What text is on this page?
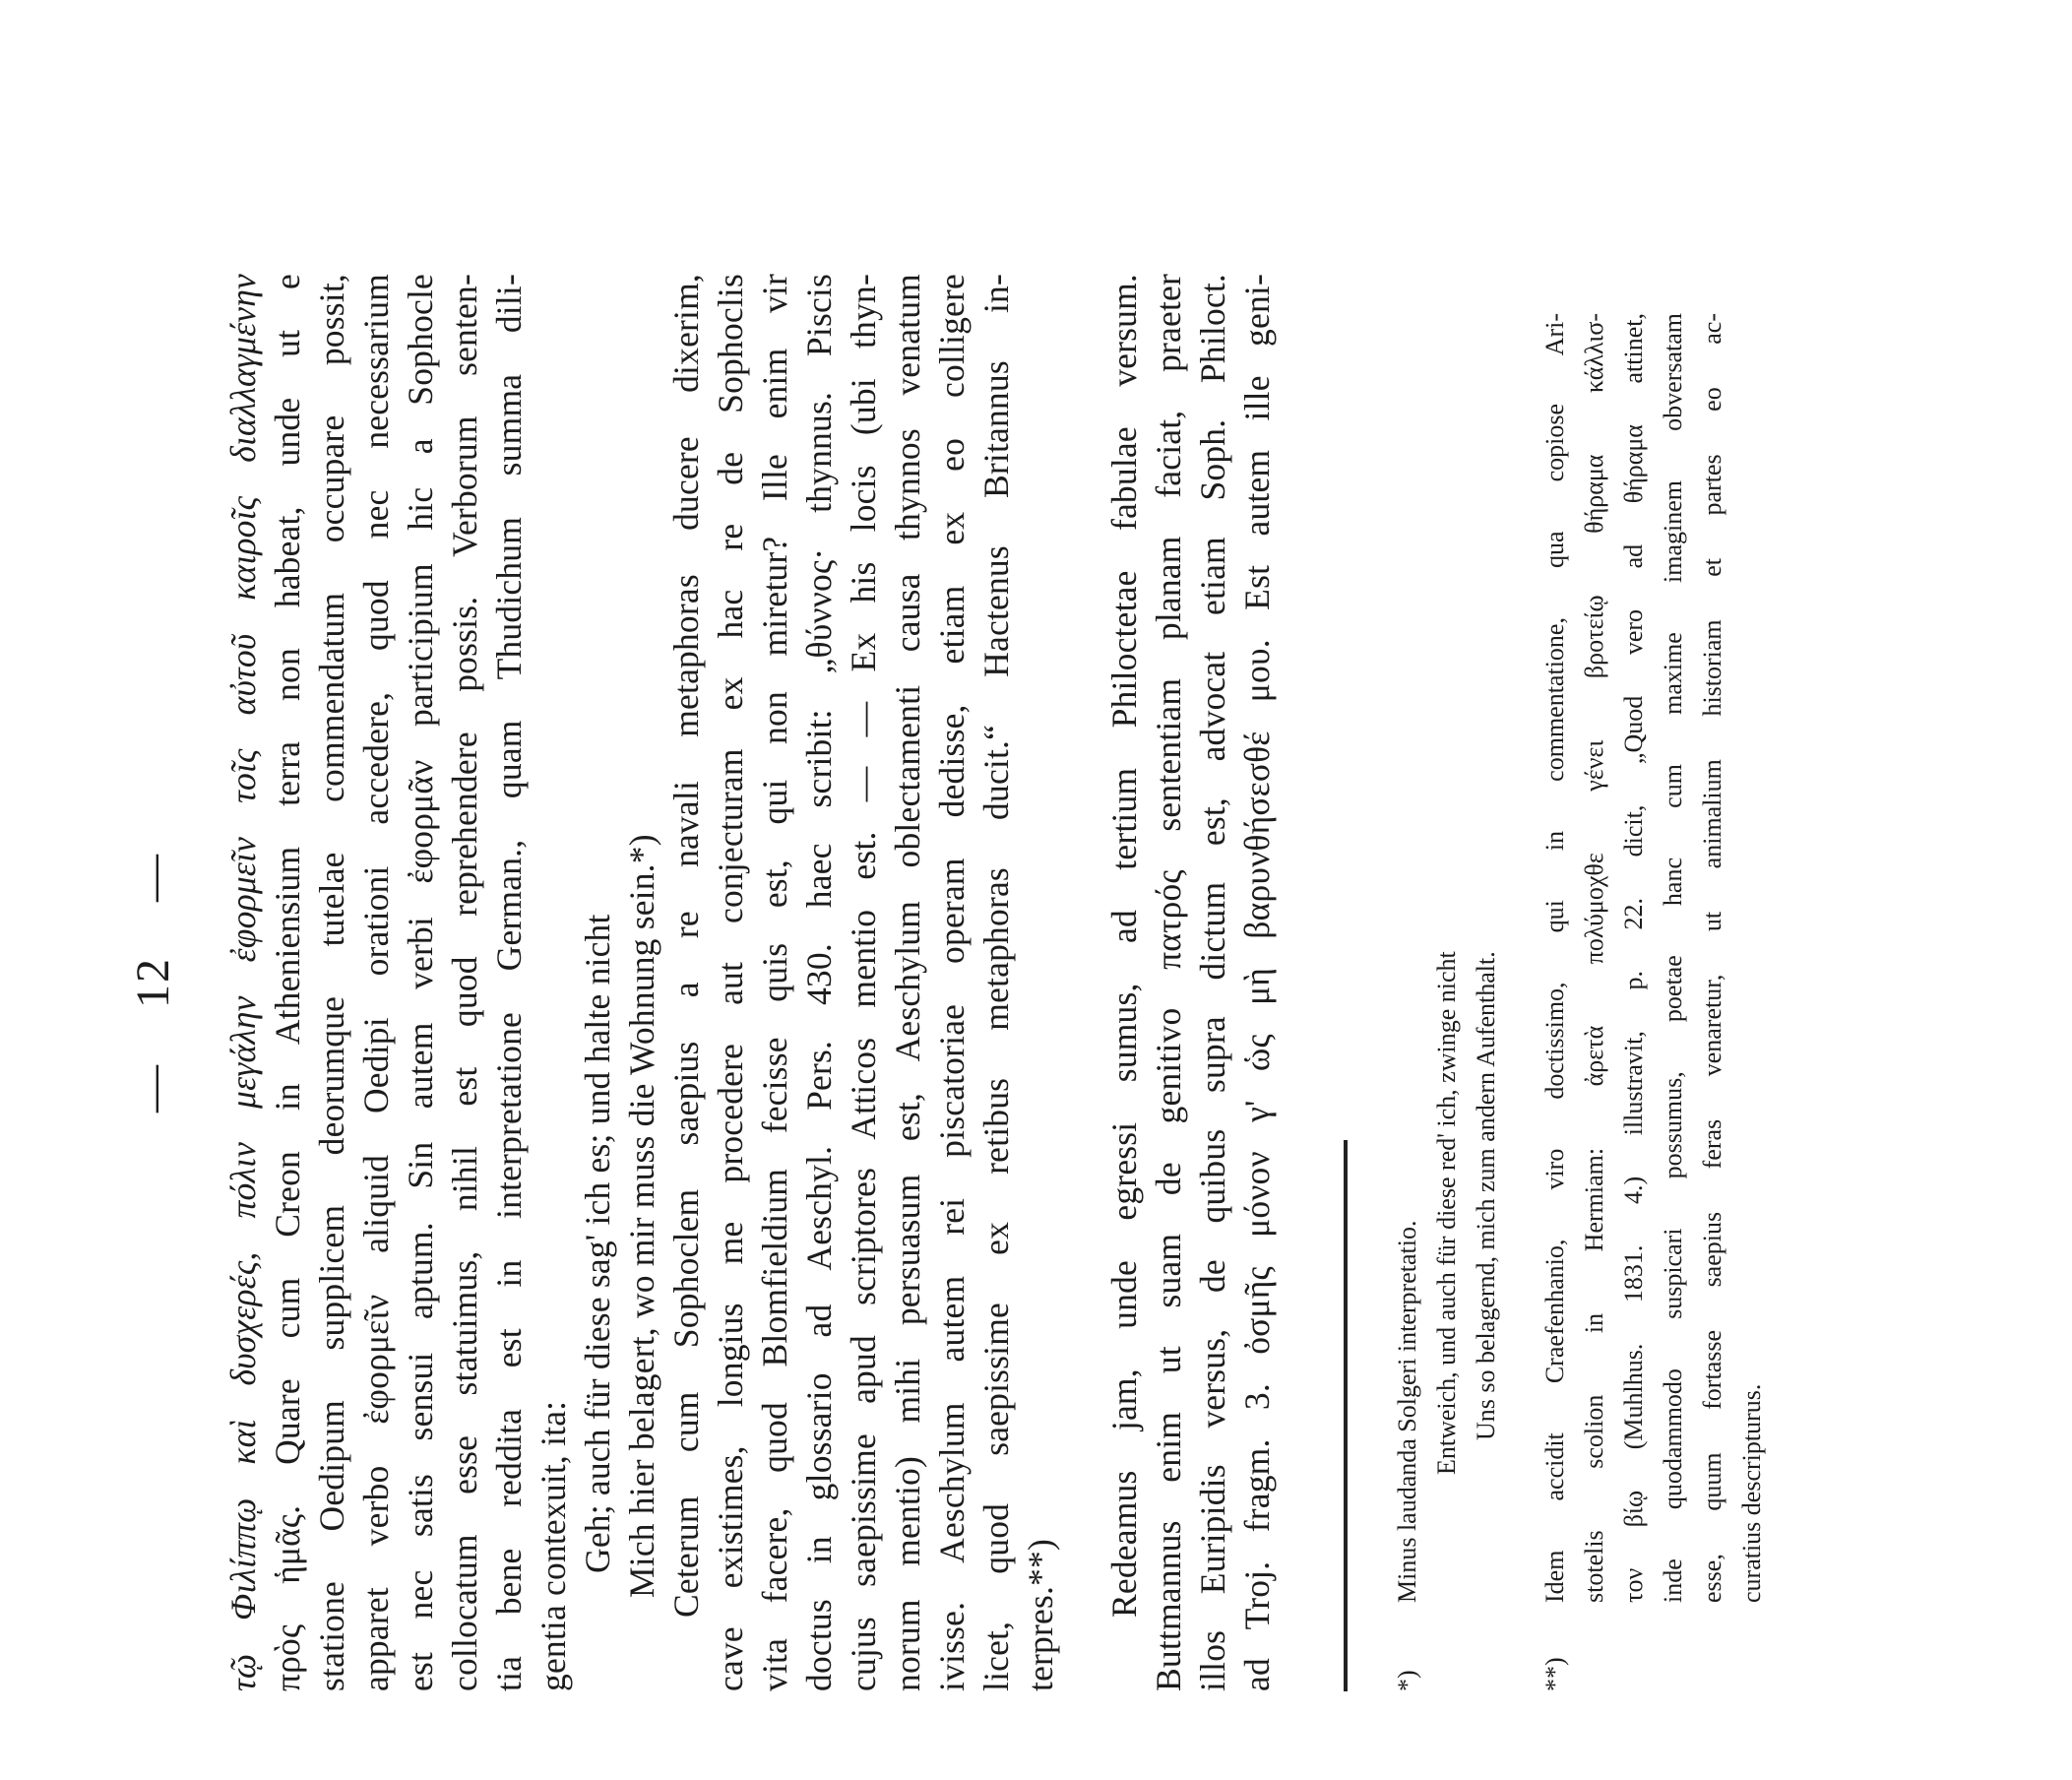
—
12
— τῷ Φιλίππῳ καὶ δυσχερές, πόλιν μεγάλην ἐφορμεῖν τοῖς αὐτοῦ καιροῖς διαλλαγμένην πρὸς ἡμᾶς. Quare cum Creon in Atheniensium terra non habeat, unde ut e statione Oedipum supplicem deorumque tutelae commendatum occupare possit, apparet verbo ἐφορμεῖν aliquid Oedipi orationi accedere, quod nec necessarium est nec satis sensui aptum. Sin autem verbi ἐφορμᾶν participium hic a Sophocle collocatum esse statuimus, nihil est quod reprehendere possis. Verborum senten- tia bene reddita est in interpretatione German., quam Thudichum summa dili- gentia contexuit, ita: Geh; auch für diese sag' ich es; und halte nicht Mich hier belagert, wo mir muss die Wohnung sein.*) Ceterum cum Sophoclem saepius a re navali metaphoras ducere dixerim, cave existimes, longius me procedere aut conjecturam ex hac re de Sophoclis vita facere, quod Blomfieldium fecisse quis est, qui non miretur? Ille enim vir doctus in glossario ad Aeschyl. Pers. 430. haec scribit: „θύννος· thynnus. Piscis cujus saepissime apud scriptores Atticos mentio est. — — Ex his locis (ubi thyn- norum mentio) mihi persuasum est, Aeschylum oblectamenti causa thynnos venatum ivisse. Aeschylum autem rei piscatoriae operam dedisse, etiam ex eo colligere licet, quod saepissime ex retibus metaphoras ducit.“ Hactenus Britannus in- terpres.**) Redeamus jam, unde egressi sumus, ad tertium Philoctetae fabulae versum. Buttmannus enim ut suam de genitivo πατρός sententiam planam faciat, praeter illos Euripidis versus, de quibus supra dictum est, advocat etiam Soph. Philoct. ad Troj. fragm. 3. ὀσμῆς μόνον γ' ὡς μὴ βαρυνθήσεσθέ μου. Est autem ille geni-	*)Minus laudanda Solgeri interpretatio. Entweich, und auch für diese red' ich, zwinge nicht Uns so belagernd, mich zum andern Aufenthalt.
**)Idem accidit Craefenhanio, viro doctissimo, qui in commentatione, qua copiose Ari- stotelis scolion in Hermiam: ἀρετὰ πολύμοχθε γένει βροτείῳ θήραμα κάλλισ- τον βίῳ (Muhlhus. 1831. 4.) illustravit, p. 22. dicit, „Quod vero ad θήραμα attinet, inde quodammodo suspicari possumus, poetae hanc cum maxime imaginem obversatam esse, quum fortasse saepius feras venaretur, ut animalium historiam et partes eo ac- curatius descripturus.
